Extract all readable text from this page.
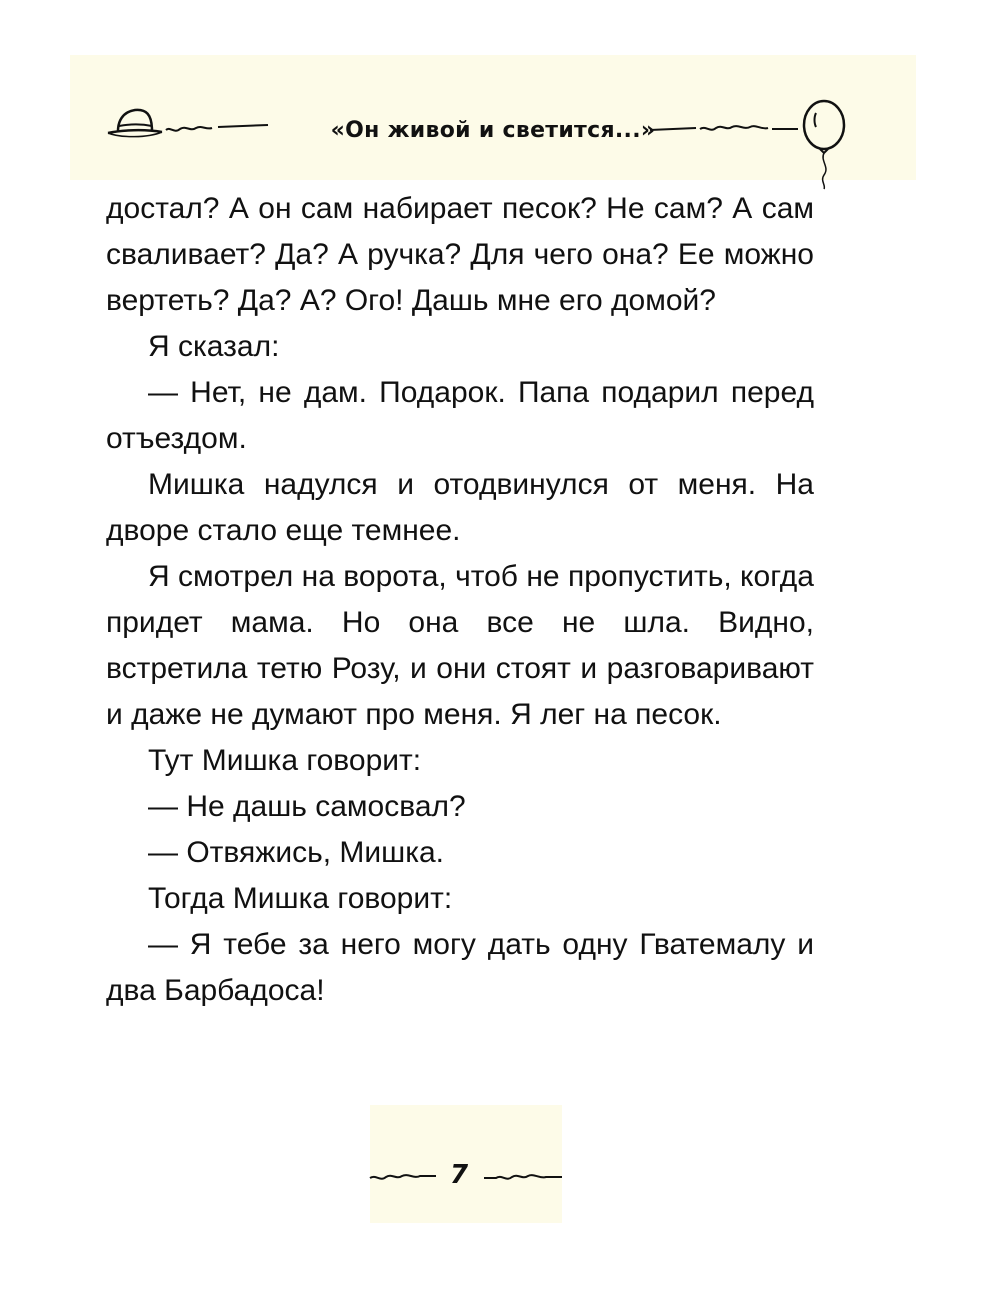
«Он живой и светится...»

достал? А он сам набирает песок? Не сам? А сам сваливает? Да? А ручка? Для чего она? Ее можно вертеть? Да? А? Ого! Дашь мне его домой?

Я сказал:

— Нет, не дам. Подарок. Папа подарил перед отъездом.

Мишка надулся и отодвинулся от меня. На дворе стало еще темнее.

Я смотрел на ворота, чтоб не пропустить, когда придет мама. Но она все не шла. Видно, встретила тетю Розу, и они стоят и разговаривают и даже не думают про меня. Я лег на песок.

Тут Мишка говорит:

— Не дашь самосвал?

— Отвяжись, Мишка.

Тогда Мишка говорит:

— Я тебе за него могу дать одну Гватемалу и два Барбадоса!

7
